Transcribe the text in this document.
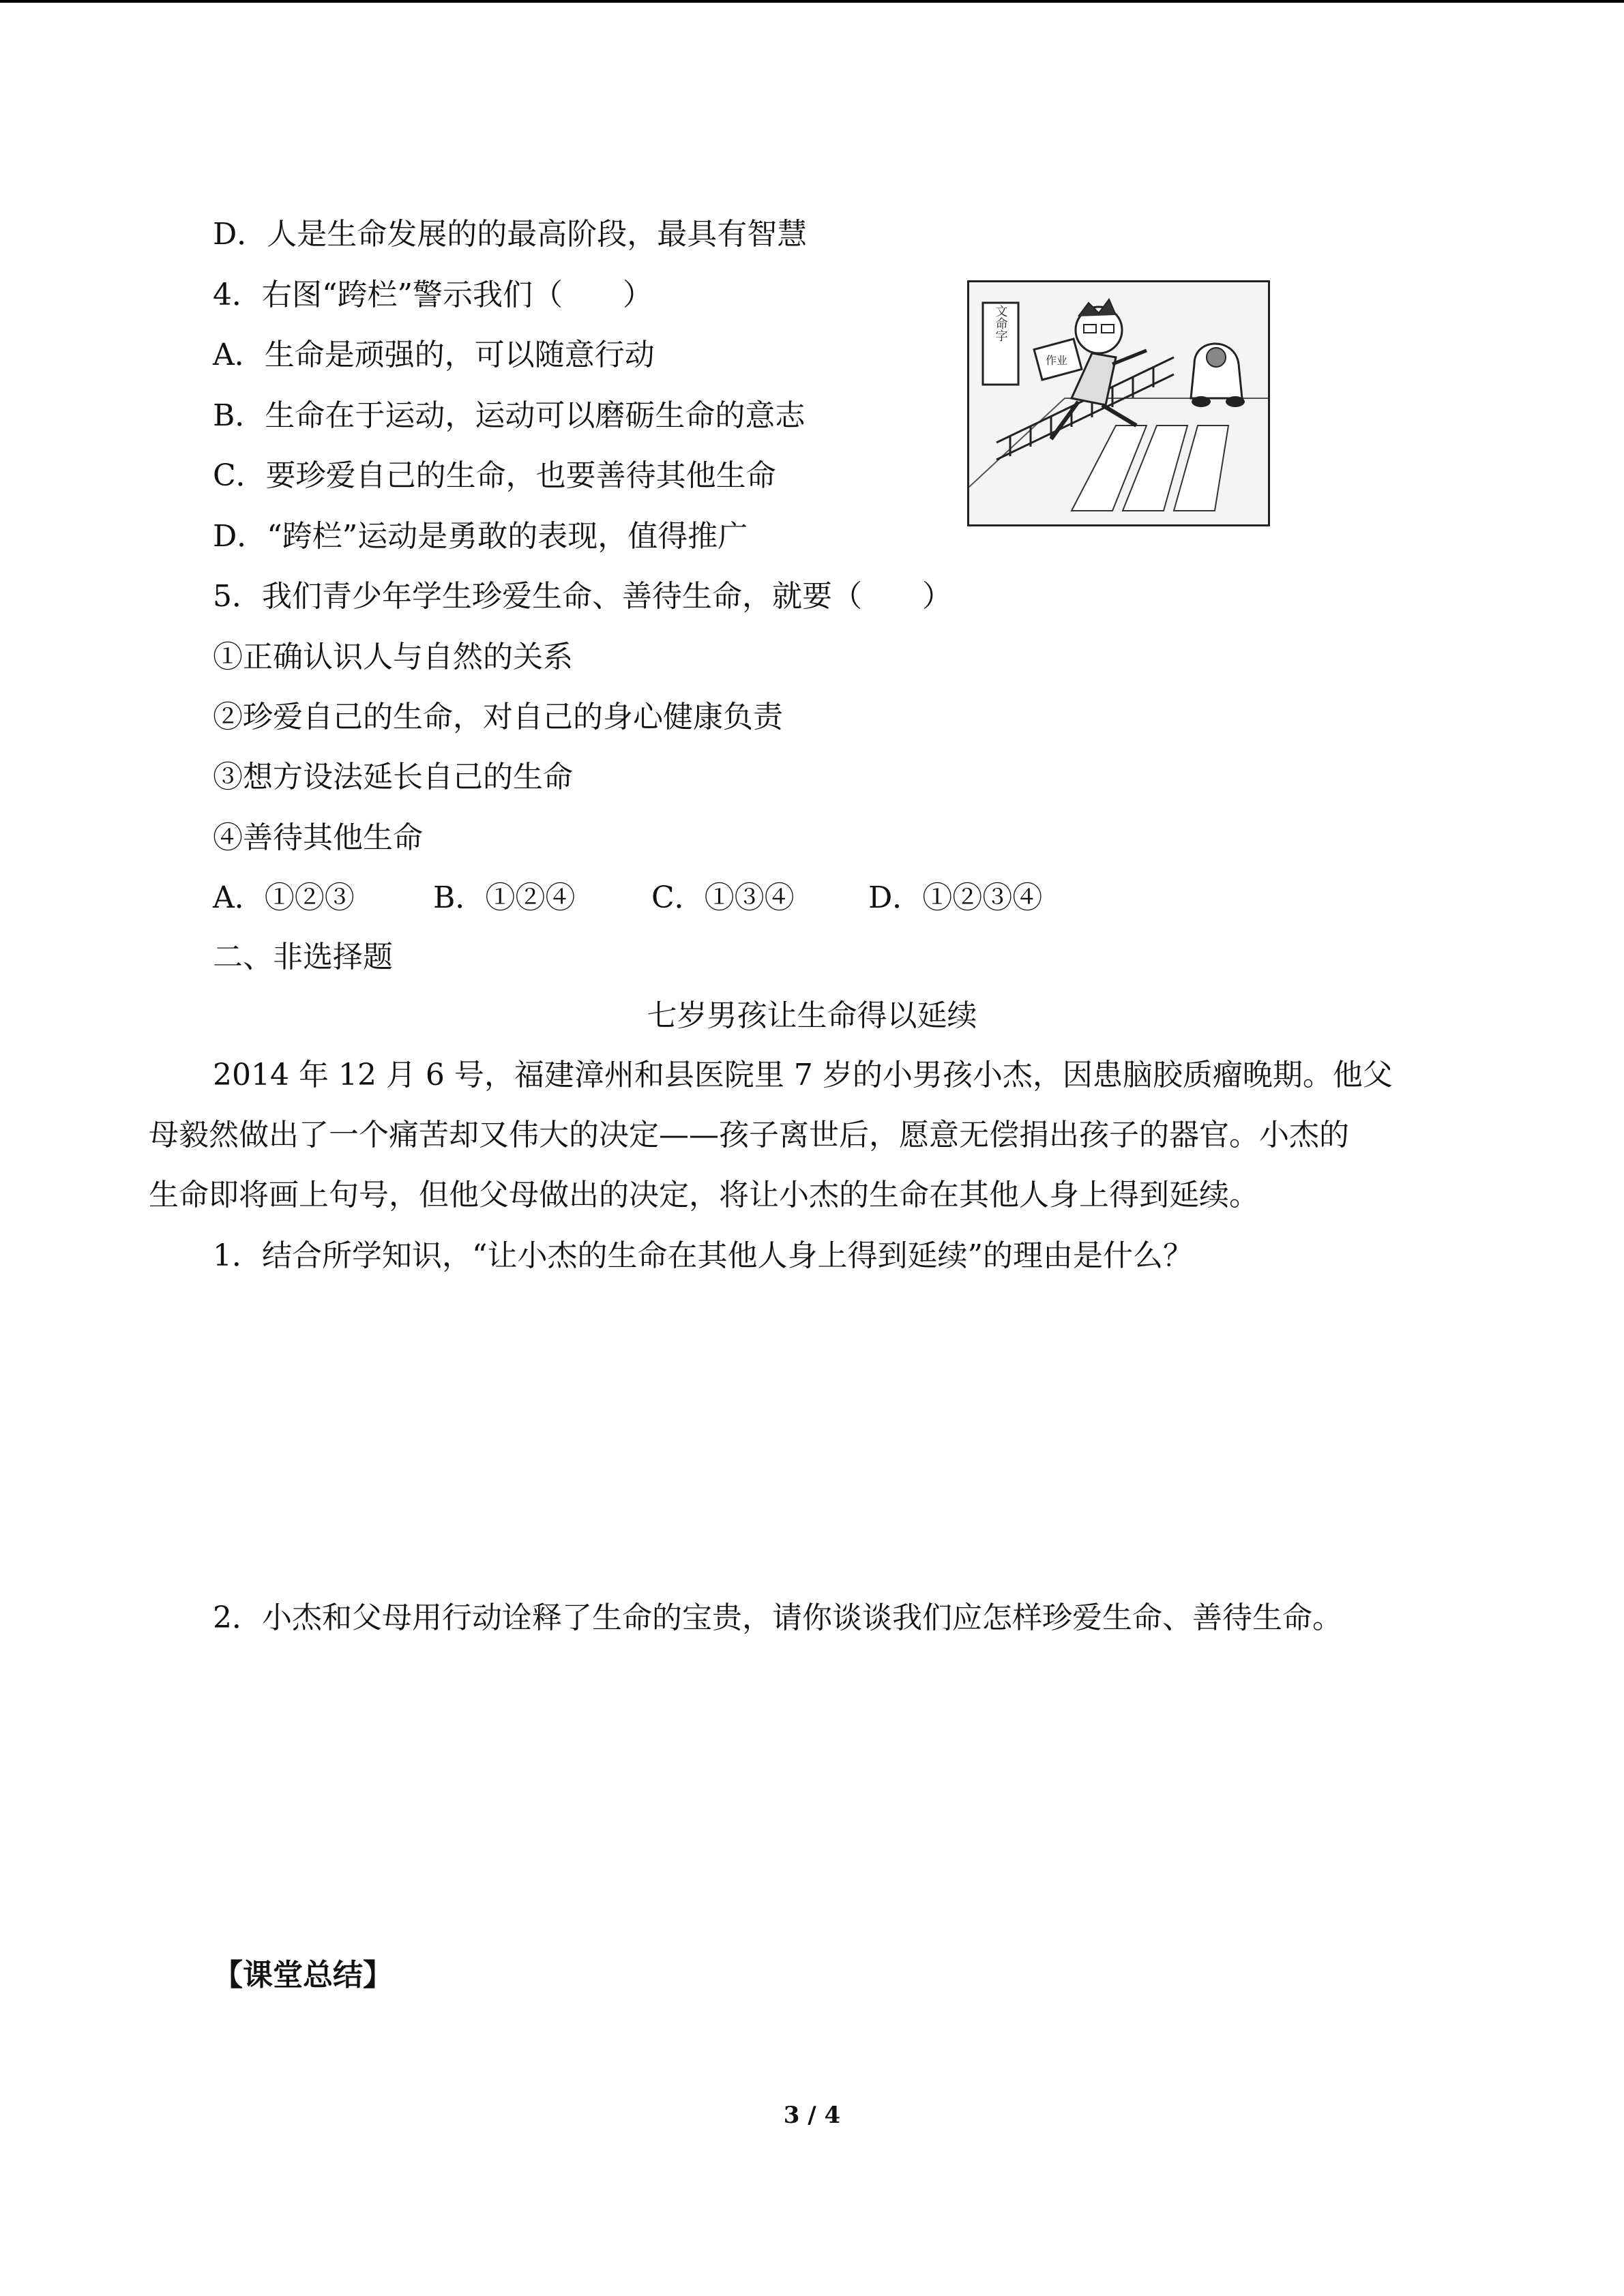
D．人是生命发展的的最高阶段，最具有智慧
4．右图“跨栏”警示我们（　　）
A．生命是顽强的，可以随意行动
B．生命在于运动，运动可以磨砺生命的意志
C．要珍爱自己的生命，也要善待其他生命
D．“跨栏”运动是勇敢的表现，值得推广
文命字
作业
5．我们青少年学生珍爱生命、善待生命，就要（　　）
①正确认识人与自然的关系
②珍爱自己的生命，对自己的身心健康负责
③想方设法延长自己的生命
④善待其他生命
A．①②③	B．①②④	C．①③④ D．①②③④
二、非选择题
七岁男孩让生命得以延续
2014 年 12 月 6 号，福建漳州和县医院里 7 岁的小男孩小杰，因患脑胶质瘤晚期。他父
母毅然做出了一个痛苦却又伟大的决定——孩子离世后，愿意无偿捐出孩子的器官。小杰的
生命即将画上句号，但他父母做出的决定，将让小杰的生命在其他人身上得到延续。
1．结合所学知识，“让小杰的生命在其他人身上得到延续”的理由是什么？
2．小杰和父母用行动诠释了生命的宝贵，请你谈谈我们应怎样珍爱生命、善待生命。
【课堂总结】
3 / 4
